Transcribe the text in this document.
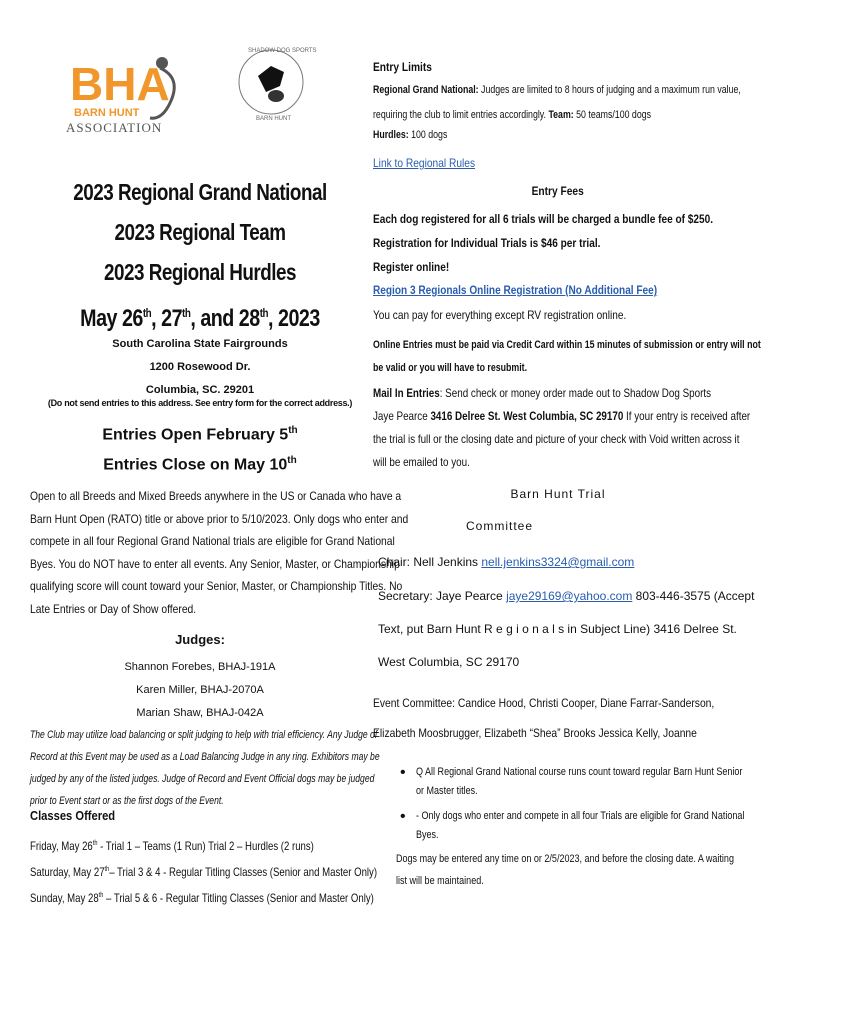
BHA
BARN HUNT
ASSOCIATION
SHADOW DOG SPORTS
BARN HUNT
2023 Regional Grand National
2023 Regional Team
2023 Regional Hurdles
May 26th, 27th, and 28th, 2023
South Carolina State Fairgrounds
1200 Rosewood Dr.
Columbia, SC. 29201
(Do not send entries to this address. See entry form for the correct address.)
Entries Open February 5th
Entries Close on May 10th
Open to all Breeds and Mixed Breeds anywhere in the US or Canada who have a
Barn Hunt Open (RATO) title or above prior to 5/10/2023. Only dogs who enter and
compete in all four Regional Grand National trials are eligible for Grand National
Byes. You do NOT have to enter all events. Any Senior, Master, or Championship
qualifying score will count toward your Senior, Master, or Championship Titles. No
Late Entries or Day of Show offered.
Judges:
Shannon Forebes, BHAJ-191A
Karen Miller, BHAJ-2070A
Marian Shaw, BHAJ-042A
The Club may utilize load balancing or split judging to help with trial efficiency. Any Judge of
Record at this Event may be used as a Load Balancing Judge in any ring. Exhibitors may be
judged by any of the listed judges. Judge of Record and Event Official dogs may be judged
prior to Event start or as the first dogs of the Event.
Classes Offered
Friday, May 26th - Trial 1 – Teams (1 Run) Trial 2 – Hurdles (2 runs)
Saturday, May 27th– Trial 3 & 4 - Regular Titling Classes (Senior and Master Only)
Sunday, May 28th – Trial 5 & 6 - Regular Titling Classes (Senior and Master Only)
Entry Limits
Regional Grand National: Judges are limited to 8 hours of judging and a maximum run value,
requiring the club to limit entries accordingly. Team: 50 teams/100 dogs
Hurdles: 100 dogs
Link to Regional Rules
Entry Fees
Each dog registered for all 6 trials will be charged a bundle fee of $250.
Registration for Individual Trials is $46 per trial.
Register online!
Region 3 Regionals Online Registration (No Additional Fee)
You can pay for everything except RV registration online.
Online Entries must be paid via Credit Card within 15 minutes of submission or entry will not
be valid or you will have to resubmit.
Mail In Entries: Send check or money order made out to Shadow Dog Sports
Jaye Pearce 3416 Delree St. West Columbia, SC 29170 If your entry is received after
the trial is full or the closing date and picture of your check with Void written across it
will be emailed to you.
Barn Hunt Trial
Committee
Chair: Nell Jenkins nell.jenkins3324@gmail.com
Secretary: Jaye Pearce jaye29169@yahoo.com 803-446-3575 (Accept
Text, put Barn Hunt R e g i o n a l s in Subject Line) 3416 Delree St.
West Columbia, SC 29170
Event Committee: Candice Hood, Christi Cooper, Diane Farrar-Sanderson,
Elizabeth Moosbrugger, Elizabeth “Shea” Brooks Jessica Kelly, Joanne
Q All Regional Grand National course runs count toward regular Barn Hunt Senior
or Master titles.
- Only dogs who enter and compete in all four Trials are eligible for Grand National
Byes.
Dogs may be entered any time on or 2/5/2023, and before the closing date. A waiting
list will be maintained.
